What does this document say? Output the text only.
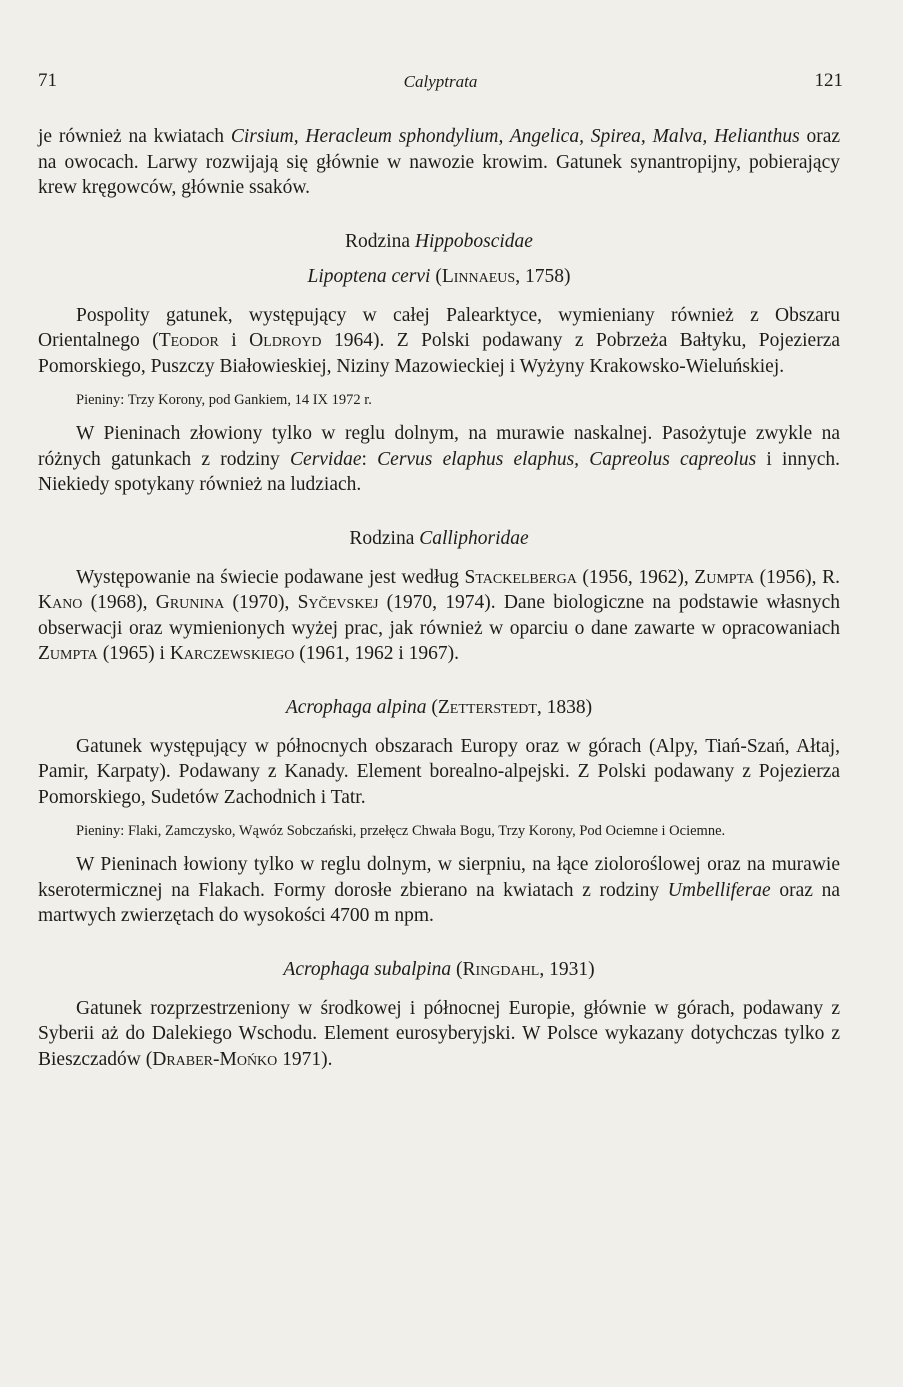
71	Calyptrata	121

je również na kwiatach Cirsium, Heracleum sphondylium, Angelica, Spirea, Malva, Helianthus oraz na owocach. Larwy rozwijają się głównie w nawozie krowim. Gatunek synantropijny, pobierający krew kręgowców, głównie ssaków.

Rodzina Hippoboscidae

Lipoptena cervi (Linnaeus, 1758)

Pospolity gatunek, występujący w całej Palearktyce, wymieniany również z Obszaru Orientalnego (Teodor i Oldroyd 1964). Z Polski podawany z Pobrzeża Bałtyku, Pojezierza Pomorskiego, Puszczy Białowieskiej, Niziny Mazowieckiej i Wyżyny Krakowsko-Wieluńskiej.

Pieniny: Trzy Korony, pod Gankiem, 14 IX 1972 r.

W Pieninach złowiony tylko w reglu dolnym, na murawie naskalnej. Pasożytuje zwykle na różnych gatunkach z rodziny Cervidae: Cervus elaphus elaphus, Capreolus capreolus i innych. Niekiedy spotykany również na ludziach.

Rodzina Calliphoridae

Występowanie na świecie podawane jest według Stackelberga (1956, 1962), Zumpta (1956), R. Kano (1968), Gruninа (1970), Syčevskej (1970, 1974). Dane biologiczne na podstawie własnych obserwacji oraz wymienionych wyżej prac, jak również w oparciu o dane zawarte w opracowaniach Zumpta (1965) i Karczewskiego (1961, 1962 i 1967).

Acrophaga alpina (Zetterstedt, 1838)

Gatunek występujący w północnych obszarach Europy oraz w górach (Alpy, Tiań-Szań, Ałtaj, Pamir, Karpaty). Podawany z Kanady. Element borealno-alpejski. Z Polski podawany z Pojezierza Pomorskiego, Sudetów Zachodnich i Tatr.

Pieniny: Flaki, Zamczysko, Wąwóz Sobczański, przełęcz Chwała Bogu, Trzy Korony, Pod Ociemne i Ociemne.

W Pieninach łowiony tylko w reglu dolnym, w sierpniu, na łące zioloroślowej oraz na murawie kserotermicznej na Flakach. Formy dorosłe zbierano na kwiatach z rodziny Umbelliferae oraz na martwych zwierzętach do wysokości 4700 m npm.

Acrophaga subalpina (Ringdahl, 1931)

Gatunek rozprzestrzeniony w środkowej i północnej Europie, głównie w górach, podawany z Syberii aż do Dalekiego Wschodu. Element eurosyberyjski. W Polsce wykazany dotychczas tylko z Bieszczadów (Draber-Mońko 1971).
